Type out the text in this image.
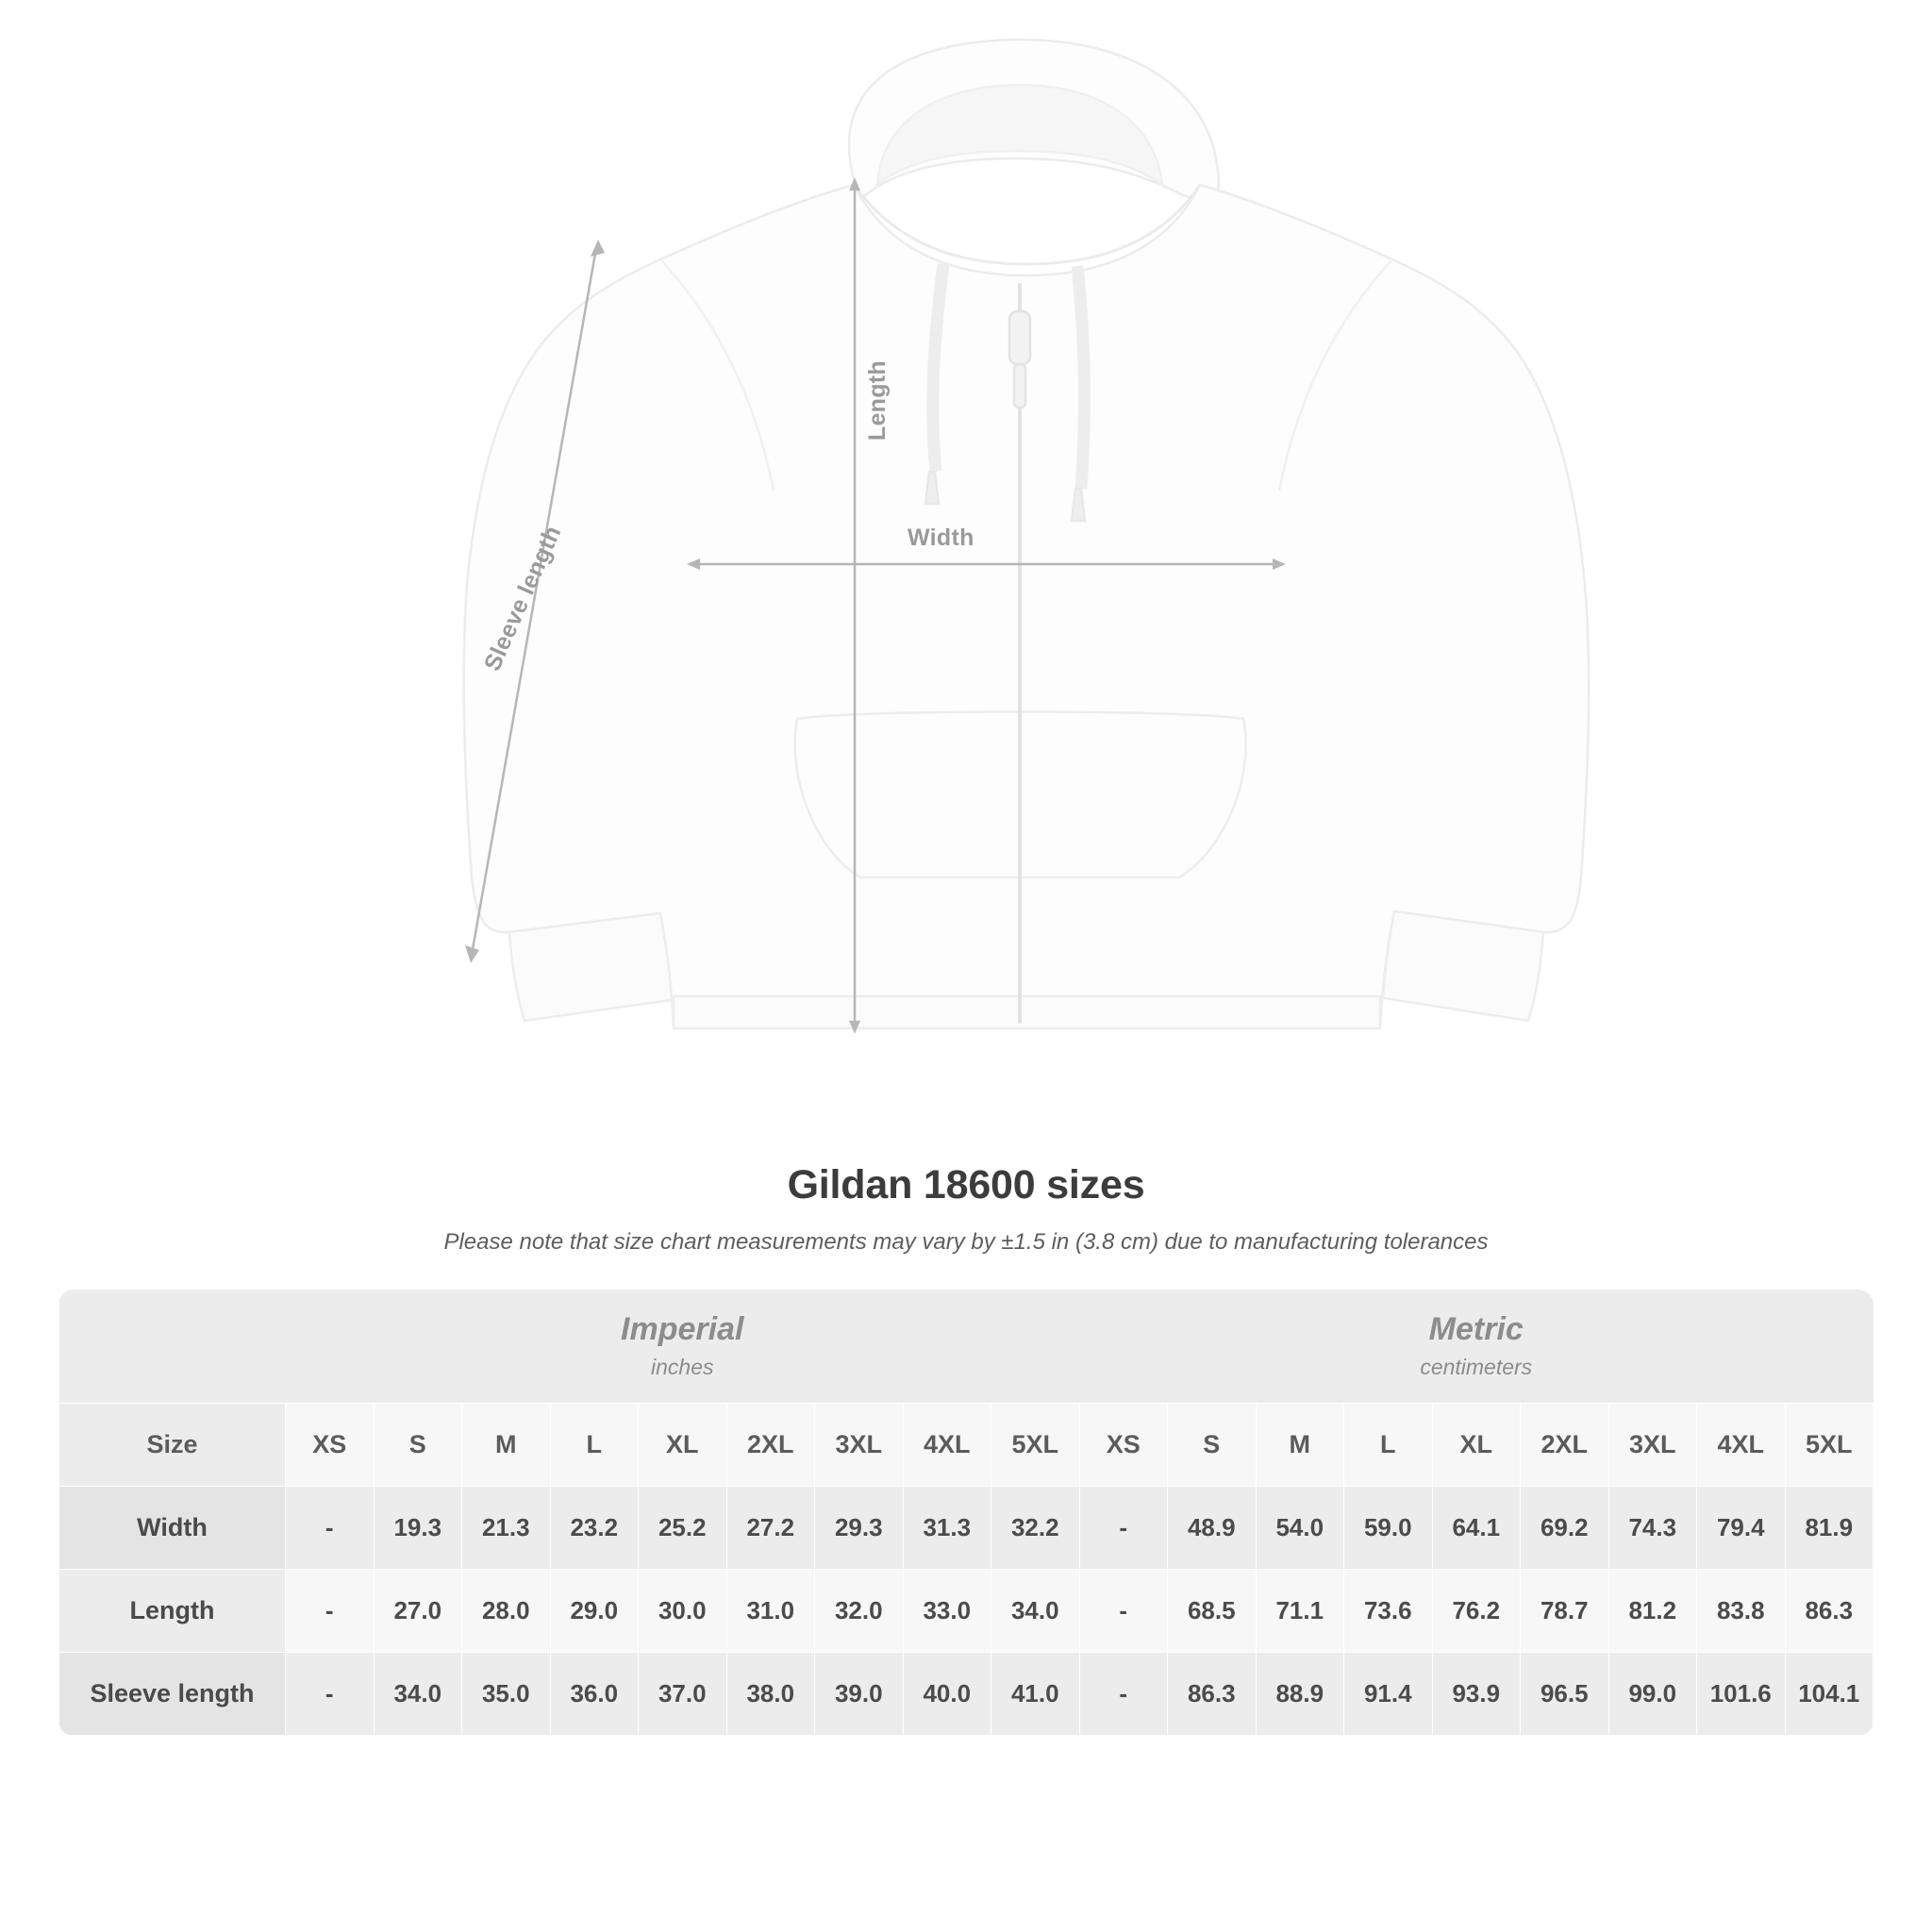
Length
Width
Sleeve length
Gildan 18600 sizes
Please note that size chart measurements may vary by ±1.5 in (3.8 cm) due to manufacturing tolerances

	Imperial
inches									Metric
centimeters								

Size	XS	S	M	L	XL	2XL	3XL	4XL	5XL	XS	S	M	L	XL	2XL	3XL	4XL	5XL
Width	-	19.3	21.3	23.2	25.2	27.2	29.3	31.3	32.2	-	48.9	54.0	59.0	64.1	69.2	74.3	79.4	81.9
Length	-	27.0	28.0	29.0	30.0	31.0	32.0	33.0	34.0	-	68.5	71.1	73.6	76.2	78.7	81.2	83.8	86.3
Sleeve length	-	34.0	35.0	36.0	37.0	38.0	39.0	40.0	41.0	-	86.3	88.9	91.4	93.9	96.5	99.0	101.6	104.1
